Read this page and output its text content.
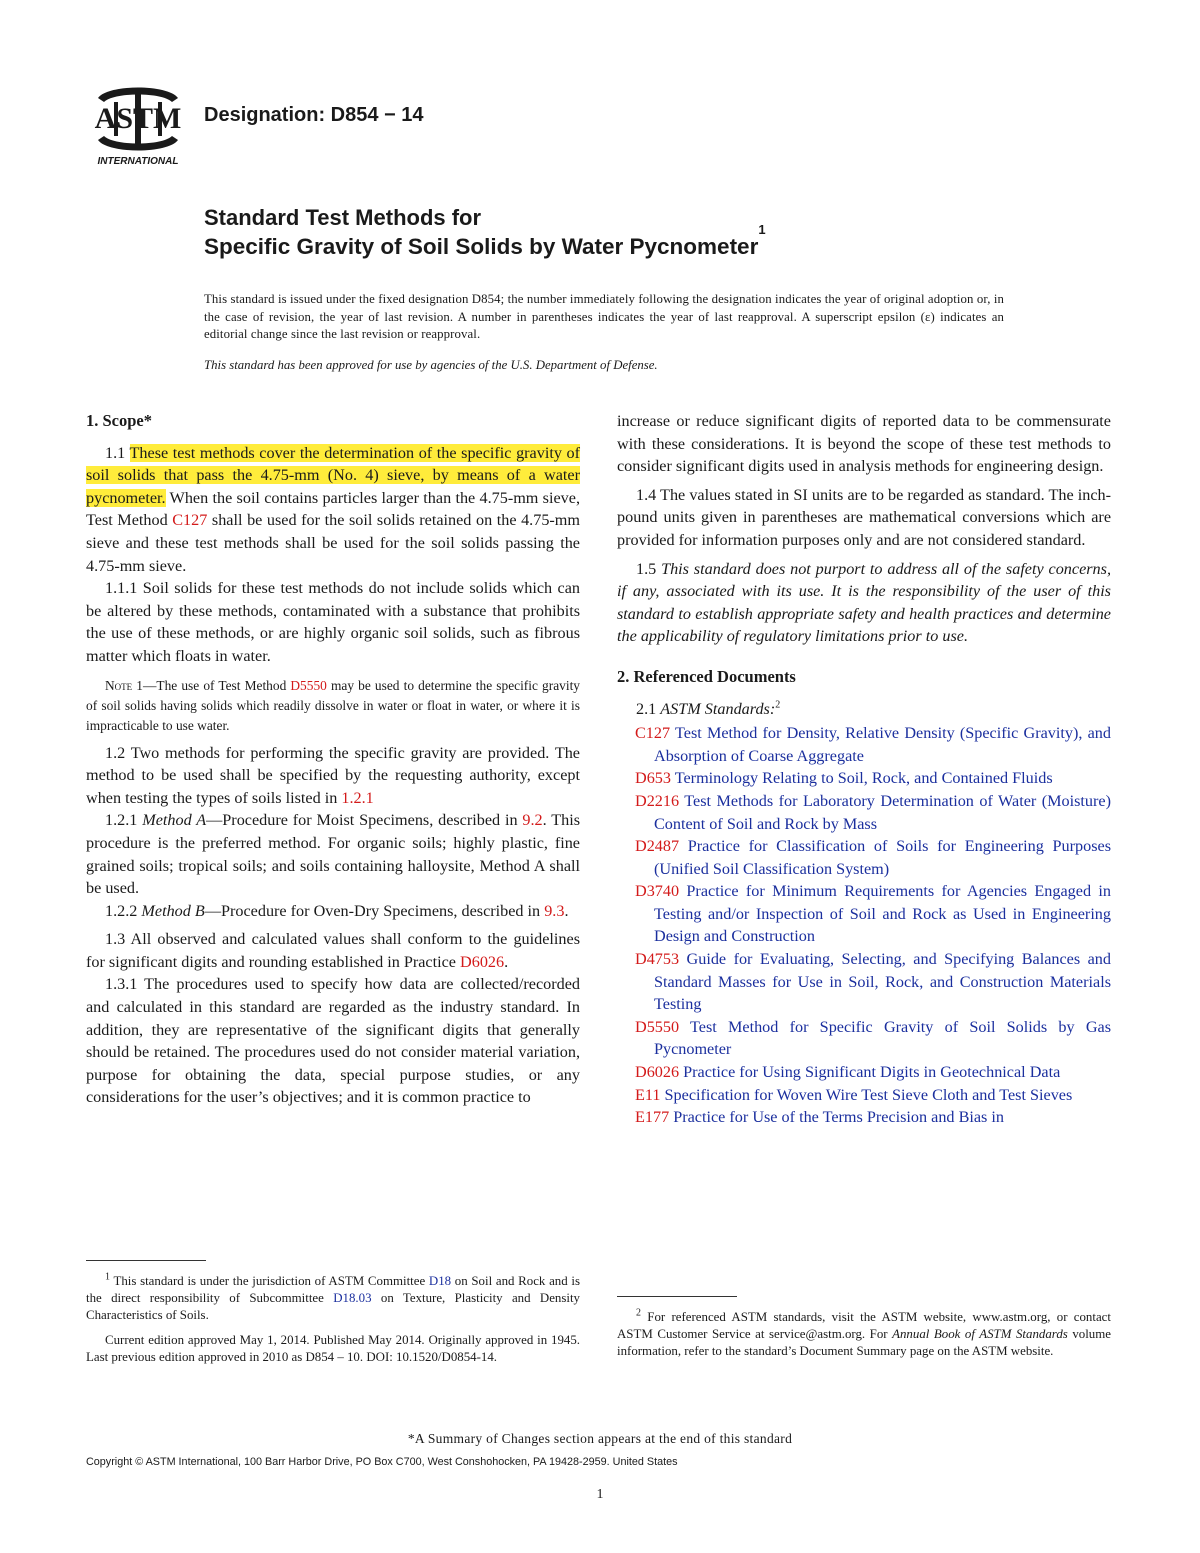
ASTM
INTERNATIONAL
Designation: D854 − 14
Standard Test Methods for
Specific Gravity of Soil Solids by Water Pycnometer$^1$
This standard is issued under the fixed designation D854; the number immediately following the designation indicates the year of original adoption or, in the case of revision, the year of last revision. A number in parentheses indicates the year of last reapproval. A superscript epsilon (ε) indicates an editorial change since the last revision or reapproval.
This standard has been approved for use by agencies of the U.S. Department of Defense.

1. Scope*

1.1 These test methods cover the determination of the specific gravity of soil solids that pass the 4.75-mm (No. 4) sieve, by means of a water pycnometer. When the soil contains particles larger than the 4.75-mm sieve, Test Method C127 shall be used for the soil solids retained on the 4.75-mm sieve and these test methods shall be used for the soil solids passing the 4.75-mm sieve.

1.1.1 Soil solids for these test methods do not include solids which can be altered by these methods, contaminated with a substance that prohibits the use of these methods, or are highly organic soil solids, such as fibrous matter which floats in water.

Note 1—The use of Test Method D5550 may be used to determine the specific gravity of soil solids having solids which readily dissolve in water or float in water, or where it is impracticable to use water.

1.2 Two methods for performing the specific gravity are provided. The method to be used shall be specified by the requesting authority, except when testing the types of soils listed in 1.2.1

1.2.1 Method A—Procedure for Moist Specimens, described in 9.2. This procedure is the preferred method. For organic soils; highly plastic, fine grained soils; tropical soils; and soils containing halloysite, Method A shall be used.

1.2.2 Method B—Procedure for Oven-Dry Specimens, described in 9.3.

1.3 All observed and calculated values shall conform to the guidelines for significant digits and rounding established in Practice D6026.

1.3.1 The procedures used to specify how data are collected/recorded and calculated in this standard are regarded as the industry standard. In addition, they are representative of the significant digits that generally should be retained. The procedures used do not consider material variation, purpose for obtaining the data, special purpose studies, or any considerations for the user’s objectives; and it is common practice to

increase or reduce significant digits of reported data to be commensurate with these considerations. It is beyond the scope of these test methods to consider significant digits used in analysis methods for engineering design.

1.4 The values stated in SI units are to be regarded as standard. The inch-pound units given in parentheses are mathematical conversions which are provided for information purposes only and are not considered standard.

1.5 This standard does not purport to address all of the safety concerns, if any, associated with its use. It is the responsibility of the user of this standard to establish appropriate safety and health practices and determine the applicability of regulatory limitations prior to use.

2. Referenced Documents

2.1 ASTM Standards:$^2$

C127 Test Method for Density, Relative Density (Specific Gravity), and Absorption of Coarse Aggregate

D653 Terminology Relating to Soil, Rock, and Contained Fluids

D2216 Test Methods for Laboratory Determination of Water (Moisture) Content of Soil and Rock by Mass

D2487 Practice for Classification of Soils for Engineering Purposes (Unified Soil Classification System)

D3740 Practice for Minimum Requirements for Agencies Engaged in Testing and/or Inspection of Soil and Rock as Used in Engineering Design and Construction

D4753 Guide for Evaluating, Selecting, and Specifying Balances and Standard Masses for Use in Soil, Rock, and Construction Materials Testing

D5550 Test Method for Specific Gravity of Soil Solids by Gas Pycnometer

D6026 Practice for Using Significant Digits in Geotechnical Data

E11 Specification for Woven Wire Test Sieve Cloth and Test Sieves

E177 Practice for Use of the Terms Precision and Bias in

$^1$ This standard is under the jurisdiction of ASTM Committee D18 on Soil and Rock and is the direct responsibility of Subcommittee D18.03 on Texture, Plasticity and Density Characteristics of Soils.

Current edition approved May 1, 2014. Published May 2014. Originally approved in 1945. Last previous edition approved in 2010 as D854 – 10. DOI: 10.1520/D0854-14.

$^2$ For referenced ASTM standards, visit the ASTM website, www.astm.org, or contact ASTM Customer Service at service@astm.org. For Annual Book of ASTM Standards volume information, refer to the standard’s Document Summary page on the ASTM website.

*A Summary of Changes section appears at the end of this standard
Copyright © ASTM International, 100 Barr Harbor Drive, PO Box C700, West Conshohocken, PA 19428-2959. United States
1
